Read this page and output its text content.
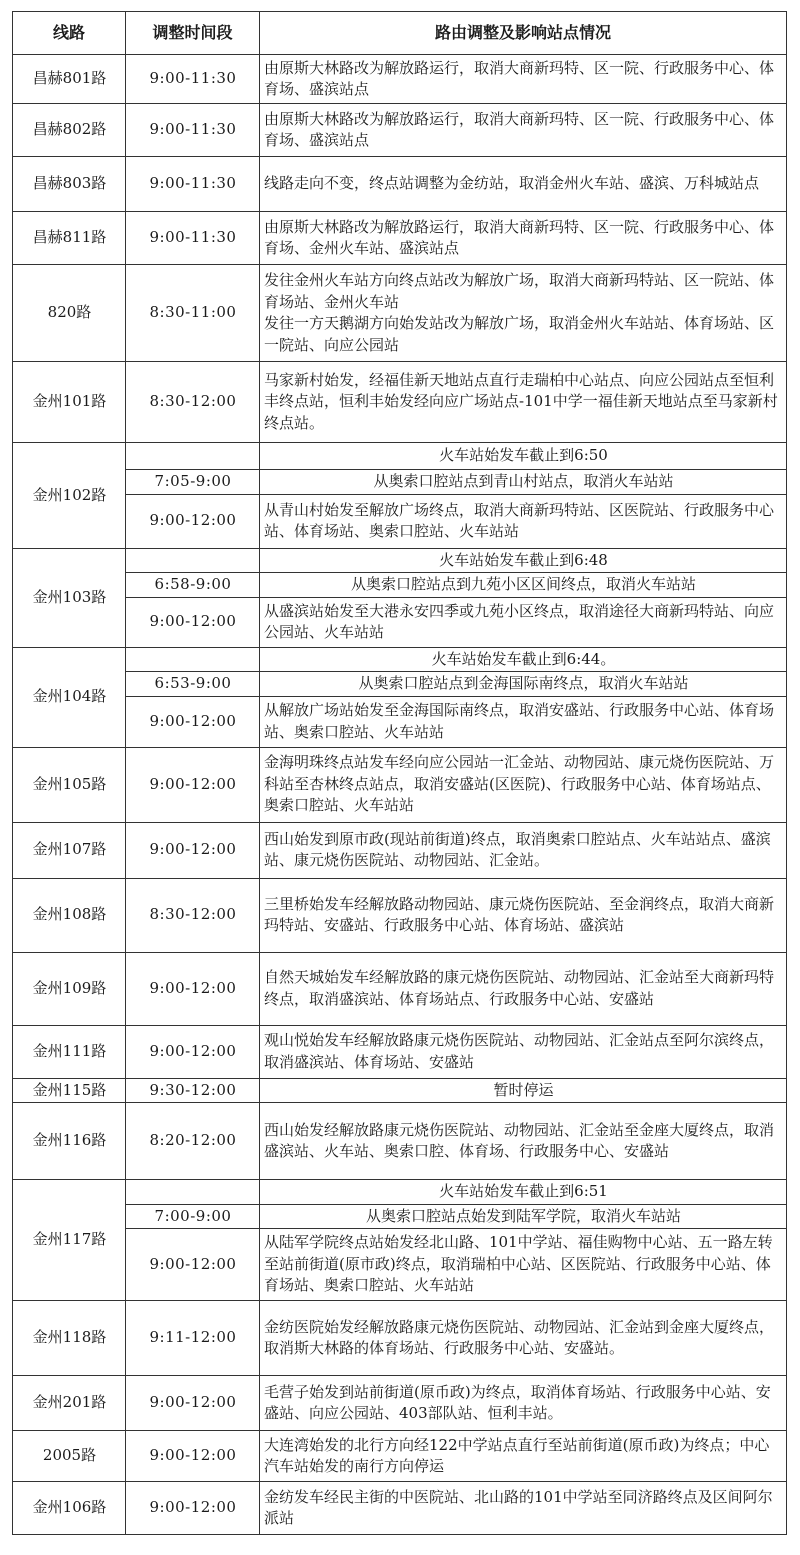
线路	调整时间段	路由调整及影响站点情况
昌赫801路	9:00-11:30	由原斯大林路改为解放路运行，取消大商新玛特、区一院、行政服务中心、体育场、盛滨站点

昌赫802路	9:00-11:30	由原斯大林路改为解放路运行，取消大商新玛特、区一院、行政服务中心、体育场、盛滨站点

昌赫803路	9:00-11:30	线路走向不变，终点站调整为金纺站，取消金州火车站、盛滨、万科城站点

昌赫811路	9:00-11:30	由原斯大林路改为解放路运行，取消大商新玛特、区一院、行政服务中心、体育场、金州火车站、盛滨站点

820路	8:30-11:00	发往金州火车站方向终点站改为解放广场，取消大商新玛特站、区一院站、体育场站、金州火车站
发往一方天鹅湖方向始发站改为解放广场，取消金州火车站站、体育场站、区一院站、向应公园站

金州101路	8:30-12:00	马家新村始发，经福佳新天地站点直行走瑞柏中心站点、向应公园站点至恒利丰终点站，恒利丰始发经向应广场站点-101中学一福佳新天地站点至马家新村终点站。

金州102路		火车站始发车截止到6:50

	7:05-9:00	从奥索口腔站点到青山村站点，取消火车站站

	9:00-12:00	从青山村始发至解放广场终点，取消大商新玛特站、区医院站、行政服务中心站、体育场站、奥索口腔站、火车站站

金州103路		火车站始发车截止到6:48

	6:58-9:00	从奥索口腔站点到九苑小区区间终点，取消火车站站

	9:00-12:00	从盛滨站始发至大港永安四季或九苑小区终点，取消途径大商新玛特站、向应公园站、火车站站

金州104路		火车站始发车截止到6:44。

	6:53-9:00	从奥索口腔站点到金海国际南终点，取消火车站站

	9:00-12:00	从解放广场站始发至金海国际南终点，取消安盛站、行政服务中心站、体育场站、奥索口腔站、火车站站

金州105路	9:00-12:00	金海明珠终点站发车经向应公园站一汇金站、动物园站、康元烧伤医院站、万科站至杏林终点站点，取消安盛站(区医院)、行政服务中心站、体育场站点、奥索口腔站、火车站站

金州107路	9:00-12:00	西山始发到原市政(现站前街道)终点，取消奥索口腔站点、火车站站点、盛滨站、康元烧伤医院站、动物园站、汇金站。

金州108路	8:30-12:00	三里桥始发车经解放路动物园站、康元烧伤医院站、至金润终点，取消大商新玛特站、安盛站、行政服务中心站、体育场站、盛滨站

金州109路	9:00-12:00	自然天城始发车经解放路的康元烧伤医院站、动物园站、汇金站至大商新玛特终点，取消盛滨站、体育场站点、行政服务中心站、安盛站

金州111路	9:00-12:00	观山悦始发车经解放路康元烧伤医院站、动物园站、汇金站点至阿尔滨终点，取消盛滨站、体育场站、安盛站

金州115路	9:30-12:00	暂时停运

金州116路	8:20-12:00	西山始发经解放路康元烧伤医院站、动物园站、汇金站至金座大厦终点，取消盛滨站、火车站、奥索口腔、体育场、行政服务中心、安盛站

金州117路		火车站始发车截止到6:51

	7:00-9:00	从奥索口腔站点始发到陆军学院，取消火车站站

	9:00-12:00	从陆军学院终点站始发经北山路、101中学站、福佳购物中心站、五一路左转至站前街道(原市政)终点，取消瑞柏中心站、区医院站、行政服务中心站、体育场站、奥索口腔站、火车站站

金州118路	9:11-12:00	金纺医院始发经解放路康元烧伤医院站、动物园站、汇金站到金座大厦终点，取消斯大林路的体育场站、行政服务中心站、安盛站。

金州201路	9:00-12:00	毛营子始发到站前街道(原币政)为终点，取消体育场站、行政服务中心站、安盛站、向应公园站、403部队站、恒利丰站。

2005路	9:00-12:00	大连湾始发的北行方向经122中学站点直行至站前街道(原币政)为终点；中心汽车站始发的南行方向停运

金州106路	9:00-12:00	金纺发车经民主街的中医院站、北山路的101中学站至同济路终点及区间阿尔派站
